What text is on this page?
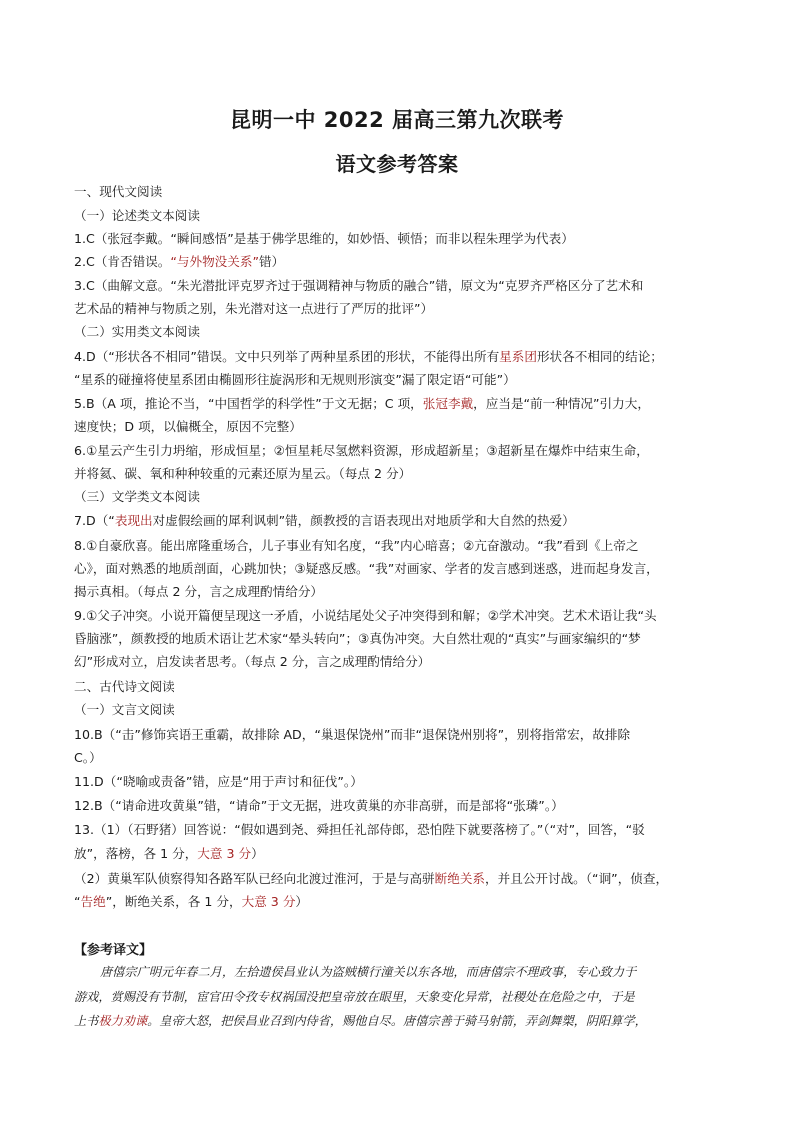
昆明一中 2022 届高三第九次联考
语文参考答案
一、现代文阅读
（一）论述类文本阅读
1.C（张冠李戴。“瞬间感悟”是基于佛学思维的，如妙悟、顿悟；而非以程朱理学为代表）
2.C（肯否错误。“与外物没关系”错）
3.C（曲解文意。“朱光潜批评克罗齐过于强调精神与物质的融合”错，原文为“克罗齐严格区分了艺术和
艺术品的精神与物质之别，朱光潜对这一点进行了严厉的批评”）
（二）实用类文本阅读
4.D（“形状各不相同”错误。文中只列举了两种星系团的形状，不能得出所有星系团形状各不相同的结论；
“星系的碰撞将使星系团由椭圆形往旋涡形和无规则形演变”漏了限定语“可能”）
5.B（A 项，推论不当，“中国哲学的科学性”于文无据；C 项，张冠李戴，应当是“前一种情况”引力大，
速度快；D 项，以偏概全，原因不完整）
6.①星云产生引力坍缩，形成恒星；②恒星耗尽氢燃料资源，形成超新星；③超新星在爆炸中结束生命，
并将氦、碳、氧和种种较重的元素还原为星云。（每点 2 分）
（三）文学类文本阅读
7.D（“表现出对虚假绘画的犀利讽刺”错，颜教授的言语表现出对地质学和大自然的热爱）
8.①自豪欣喜。能出席隆重场合，儿子事业有知名度，“我”内心暗喜；②亢奋激动。“我”看到《上帝之
心》，面对熟悉的地质剖面，心跳加快；③疑惑反感。“我”对画家、学者的发言感到迷惑，进而起身发言，
揭示真相。（每点 2 分，言之成理酌情给分）
9.①父子冲突。小说开篇便呈现这一矛盾，小说结尾处父子冲突得到和解；②学术冲突。艺术术语让我“头
昏脑涨”，颜教授的地质术语让艺术家“晕头转向”；③真伪冲突。大自然壮观的“真实”与画家编织的“梦
幻”形成对立，启发读者思考。（每点 2 分，言之成理酌情给分）
二、古代诗文阅读
（一）文言文阅读
10.B（“击”修饰宾语王重霸，故排除 AD，“巢退保饶州”而非“退保饶州别将”，别将指常宏，故排除
C。）
11.D（“晓喻或责备”错，应是“用于声讨和征伐”。）
12.B（“请命进攻黄巢”错，“请命”于文无据，进攻黄巢的亦非高骈，而是部将“张璘”。）
13.（1）（石野猪）回答说：“假如遇到尧、舜担任礼部侍郎，恐怕陛下就要落榜了。”（“对”，回答，“驳
放”，落榜，各 1 分，大意 3 分）
（2）黄巢军队侦察得知各路军队已经向北渡过淮河，于是与高骈断绝关系，并且公开讨战。（“诇”，侦查，
“告绝”，断绝关系，各 1 分，大意 3 分）
【参考译文】
唐僖宗广明元年春二月，左拾遗侯昌业认为盗贼横行潼关以东各地，而唐僖宗不理政事，专心致力于
游戏，赏赐没有节制，宦官田令孜专权祸国没把皇帝放在眼里，天象变化异常，社稷处在危险之中，于是
上书极力劝谏。皇帝大怒，把侯昌业召到内侍省，赐他自尽。唐僖宗善于骑马射箭，弄剑舞槊，阴阳算学，
